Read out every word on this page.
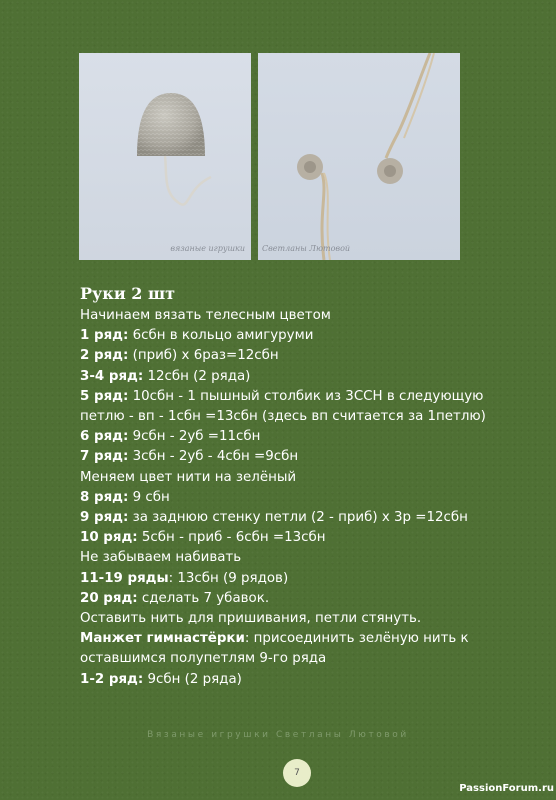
вязаные игрушки Светланы Лютовой
Руки 2 шт
Начинаем вязать телесным цветом
1 ряд: 6сбн в кольцо амигуруми
2 ряд: (приб) х 6раз=12сбн
3-4 ряд: 12сбн (2 ряда)
5 ряд: 10сбн - 1 пышный столбик из 3ССН в следующую
петлю - вп - 1сбн =13сбн (здесь вп считается за 1петлю)
6 ряд: 9сбн - 2уб =11сбн
7 ряд: 3сбн - 2уб - 4сбн =9сбн
Меняем цвет нити на зелёный
8 ряд: 9 сбн
9 ряд: за заднюю стенку петли (2 - приб) х 3р =12сбн
10 ряд: 5сбн - приб - 6сбн =13сбн
Не забываем набивать
11-19 ряды: 13сбн (9 рядов)
20 ряд: сделать 7 убавок.
Оставить нить для пришивания, петли стянуть.
Манжет гимнастёрки: присоединить зелёную нить к
оставшимся полупетлям 9-го ряда
1-2 ряд: 9сбн (2 ряда)
Вязаные игрушки Светланы Лютовой
7
PassionForum.ru
